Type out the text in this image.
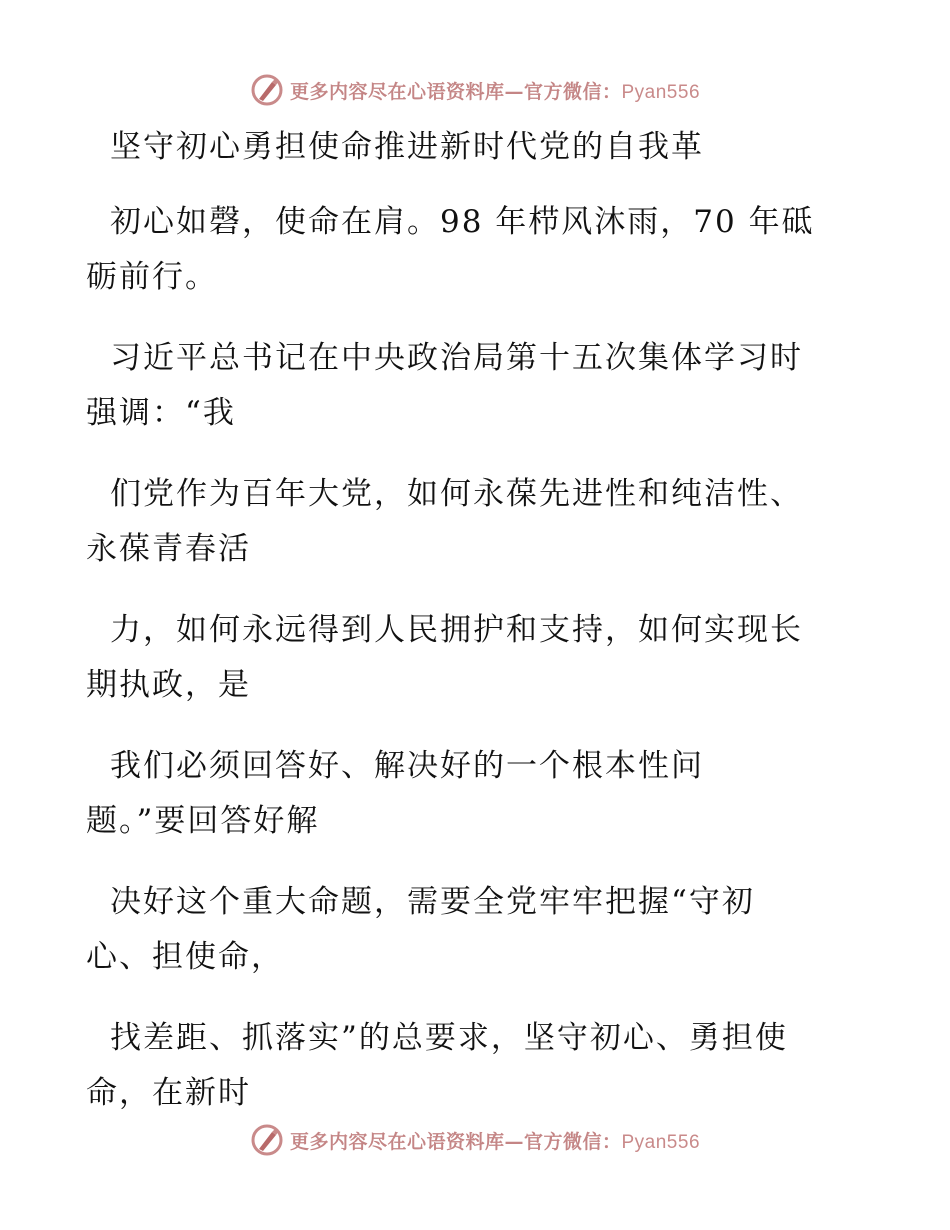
更多内容尽在心语资料库—官方微信：Pyan556

坚守初心勇担使命推进新时代党的自我革

初心如磬，使命在肩。98 年栉风沐雨，70 年砥
砺前行。

习近平总书记在中央政治局第十五次集体学习时
强调：“我

们党作为百年大党，如何永葆先进性和纯洁性、
永葆青春活

力，如何永远得到人民拥护和支持，如何实现长
期执政，是

我们必须回答好、解决好的一个根本性问
题。”要回答好解

决好这个重大命题，需要全党牢牢把握“守初
心、担使命，

找差距、抓落实”的总要求，坚守初心、勇担使
命，在新时

更多内容尽在心语资料库—官方微信：Pyan556
